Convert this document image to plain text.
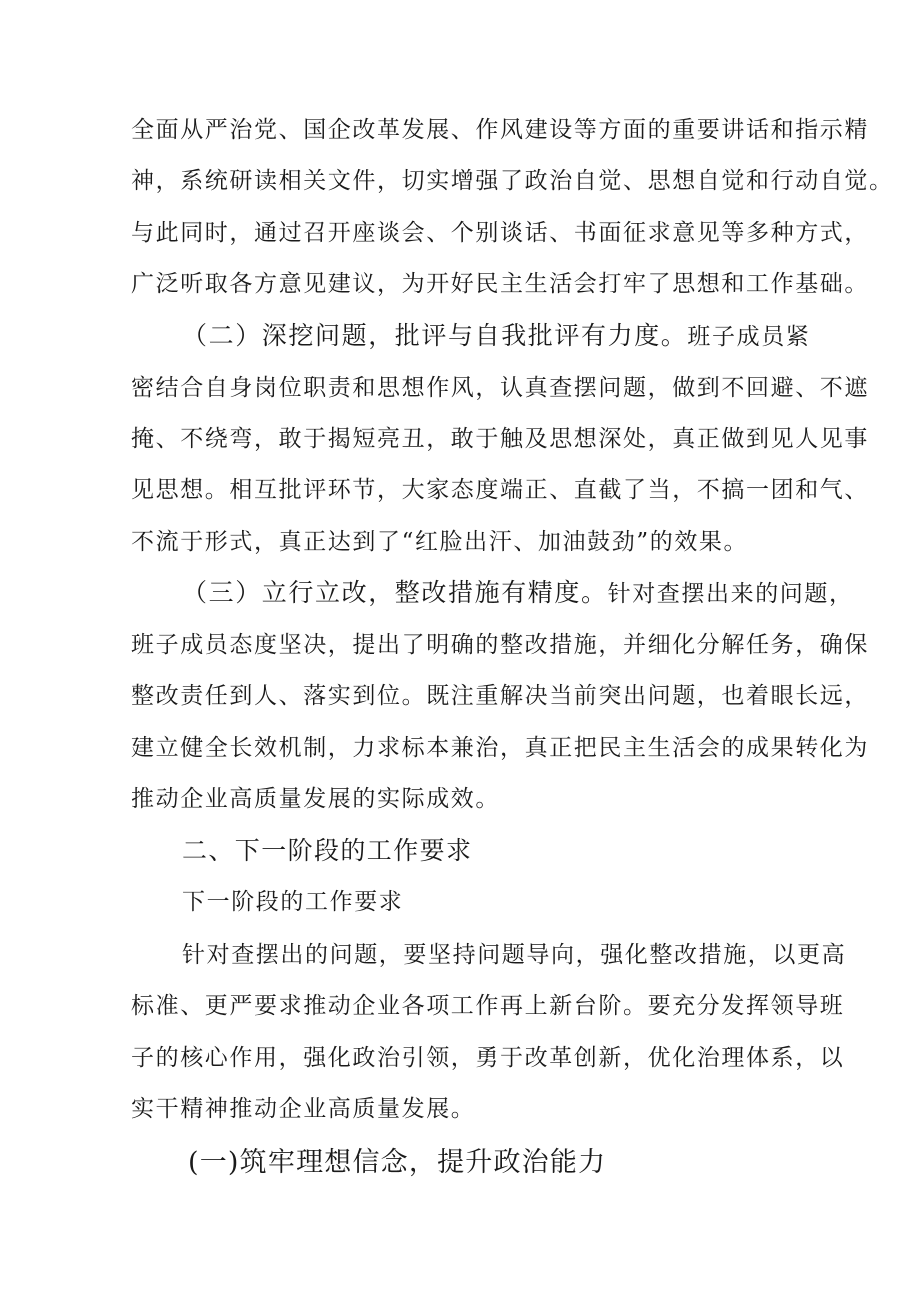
全面从严治党、国企改革发展、作风建设等方面的重要讲话和指示精
神，系统研读相关文件，切实增强了政治自觉、思想自觉和行动自觉。
与此同时，通过召开座谈会、个别谈话、书面征求意见等多种方式，
广泛听取各方意见建议，为开好民主生活会打牢了思想和工作基础。
（二）深挖问题，批评与自我批评有力度。班子成员紧
密结合自身岗位职责和思想作风，认真查摆问题，做到不回避、不遮
掩、不绕弯，敢于揭短亮丑，敢于触及思想深处，真正做到见人见事
见思想。相互批评环节，大家态度端正、直截了当，不搞一团和气、
不流于形式，真正达到了“红脸出汗、加油鼓劲”的效果。
（三）立行立改，整改措施有精度。针对查摆出来的问题，
班子成员态度坚决，提出了明确的整改措施，并细化分解任务，确保
整改责任到人、落实到位。既注重解决当前突出问题，也着眼长远，
建立健全长效机制，力求标本兼治，真正把民主生活会的成果转化为
推动企业高质量发展的实际成效。
二、下一阶段的工作要求
下一阶段的工作要求
针对查摆出的问题，要坚持问题导向，强化整改措施，以更高
标准、更严要求推动企业各项工作再上新台阶。要充分发挥领导班
子的核心作用，强化政治引领，勇于改革创新，优化治理体系，以
实干精神推动企业高质量发展。
(一)筑牢理想信念，提升政治能力
